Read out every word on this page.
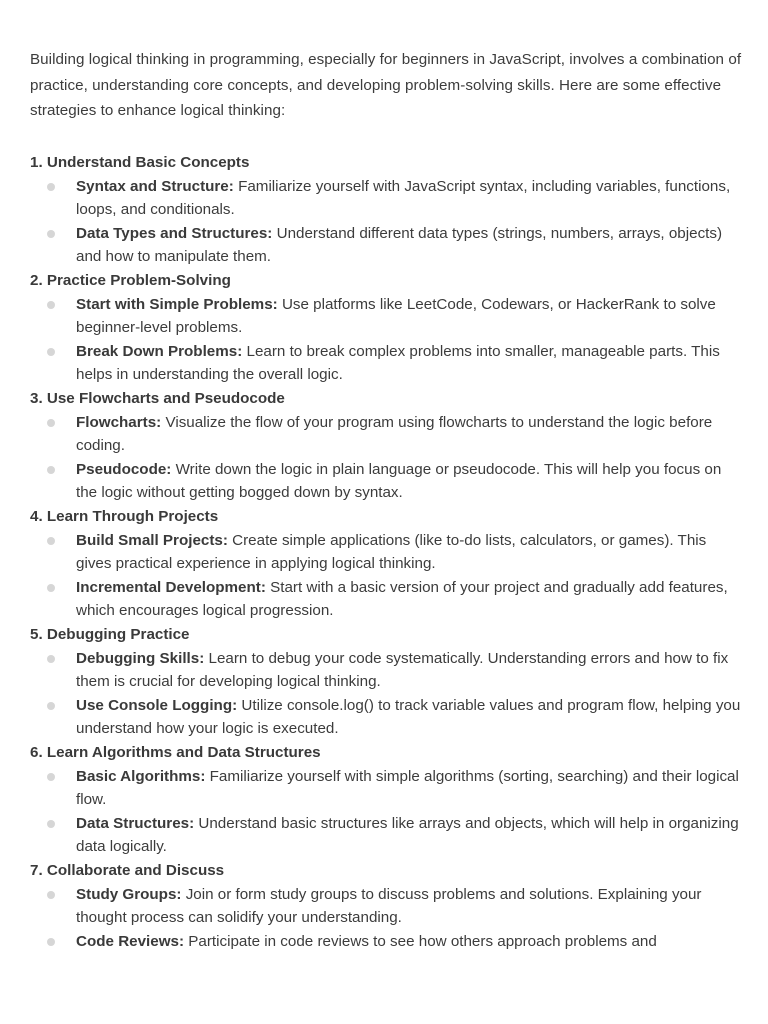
Building logical thinking in programming, especially for beginners in JavaScript, involves a combination of practice, understanding core concepts, and developing problem-solving skills. Here are some effective strategies to enhance logical thinking:

1. Understand Basic Concepts

Syntax and Structure: Familiarize yourself with JavaScript syntax, including variables, functions, loops, and conditionals.
Data Types and Structures: Understand different data types (strings, numbers, arrays, objects) and how to manipulate them.

2. Practice Problem-Solving

Start with Simple Problems: Use platforms like LeetCode, Codewars, or HackerRank to solve beginner-level problems.
Break Down Problems: Learn to break complex problems into smaller, manageable parts. This helps in understanding the overall logic.

3. Use Flowcharts and Pseudocode

Flowcharts: Visualize the flow of your program using flowcharts to understand the logic before coding.
Pseudocode: Write down the logic in plain language or pseudocode. This will help you focus on the logic without getting bogged down by syntax.

4. Learn Through Projects

Build Small Projects: Create simple applications (like to-do lists, calculators, or games). This gives practical experience in applying logical thinking.
Incremental Development: Start with a basic version of your project and gradually add features, which encourages logical progression.

5. Debugging Practice

Debugging Skills: Learn to debug your code systematically. Understanding errors and how to fix them is crucial for developing logical thinking.
Use Console Logging: Utilize console.log() to track variable values and program flow, helping you understand how your logic is executed.

6. Learn Algorithms and Data Structures

Basic Algorithms: Familiarize yourself with simple algorithms (sorting, searching) and their logical flow.
Data Structures: Understand basic structures like arrays and objects, which will help in organizing data logically.

7. Collaborate and Discuss

Study Groups: Join or form study groups to discuss problems and solutions. Explaining your thought process can solidify your understanding.
Code Reviews: Participate in code reviews to see how others approach problems and
